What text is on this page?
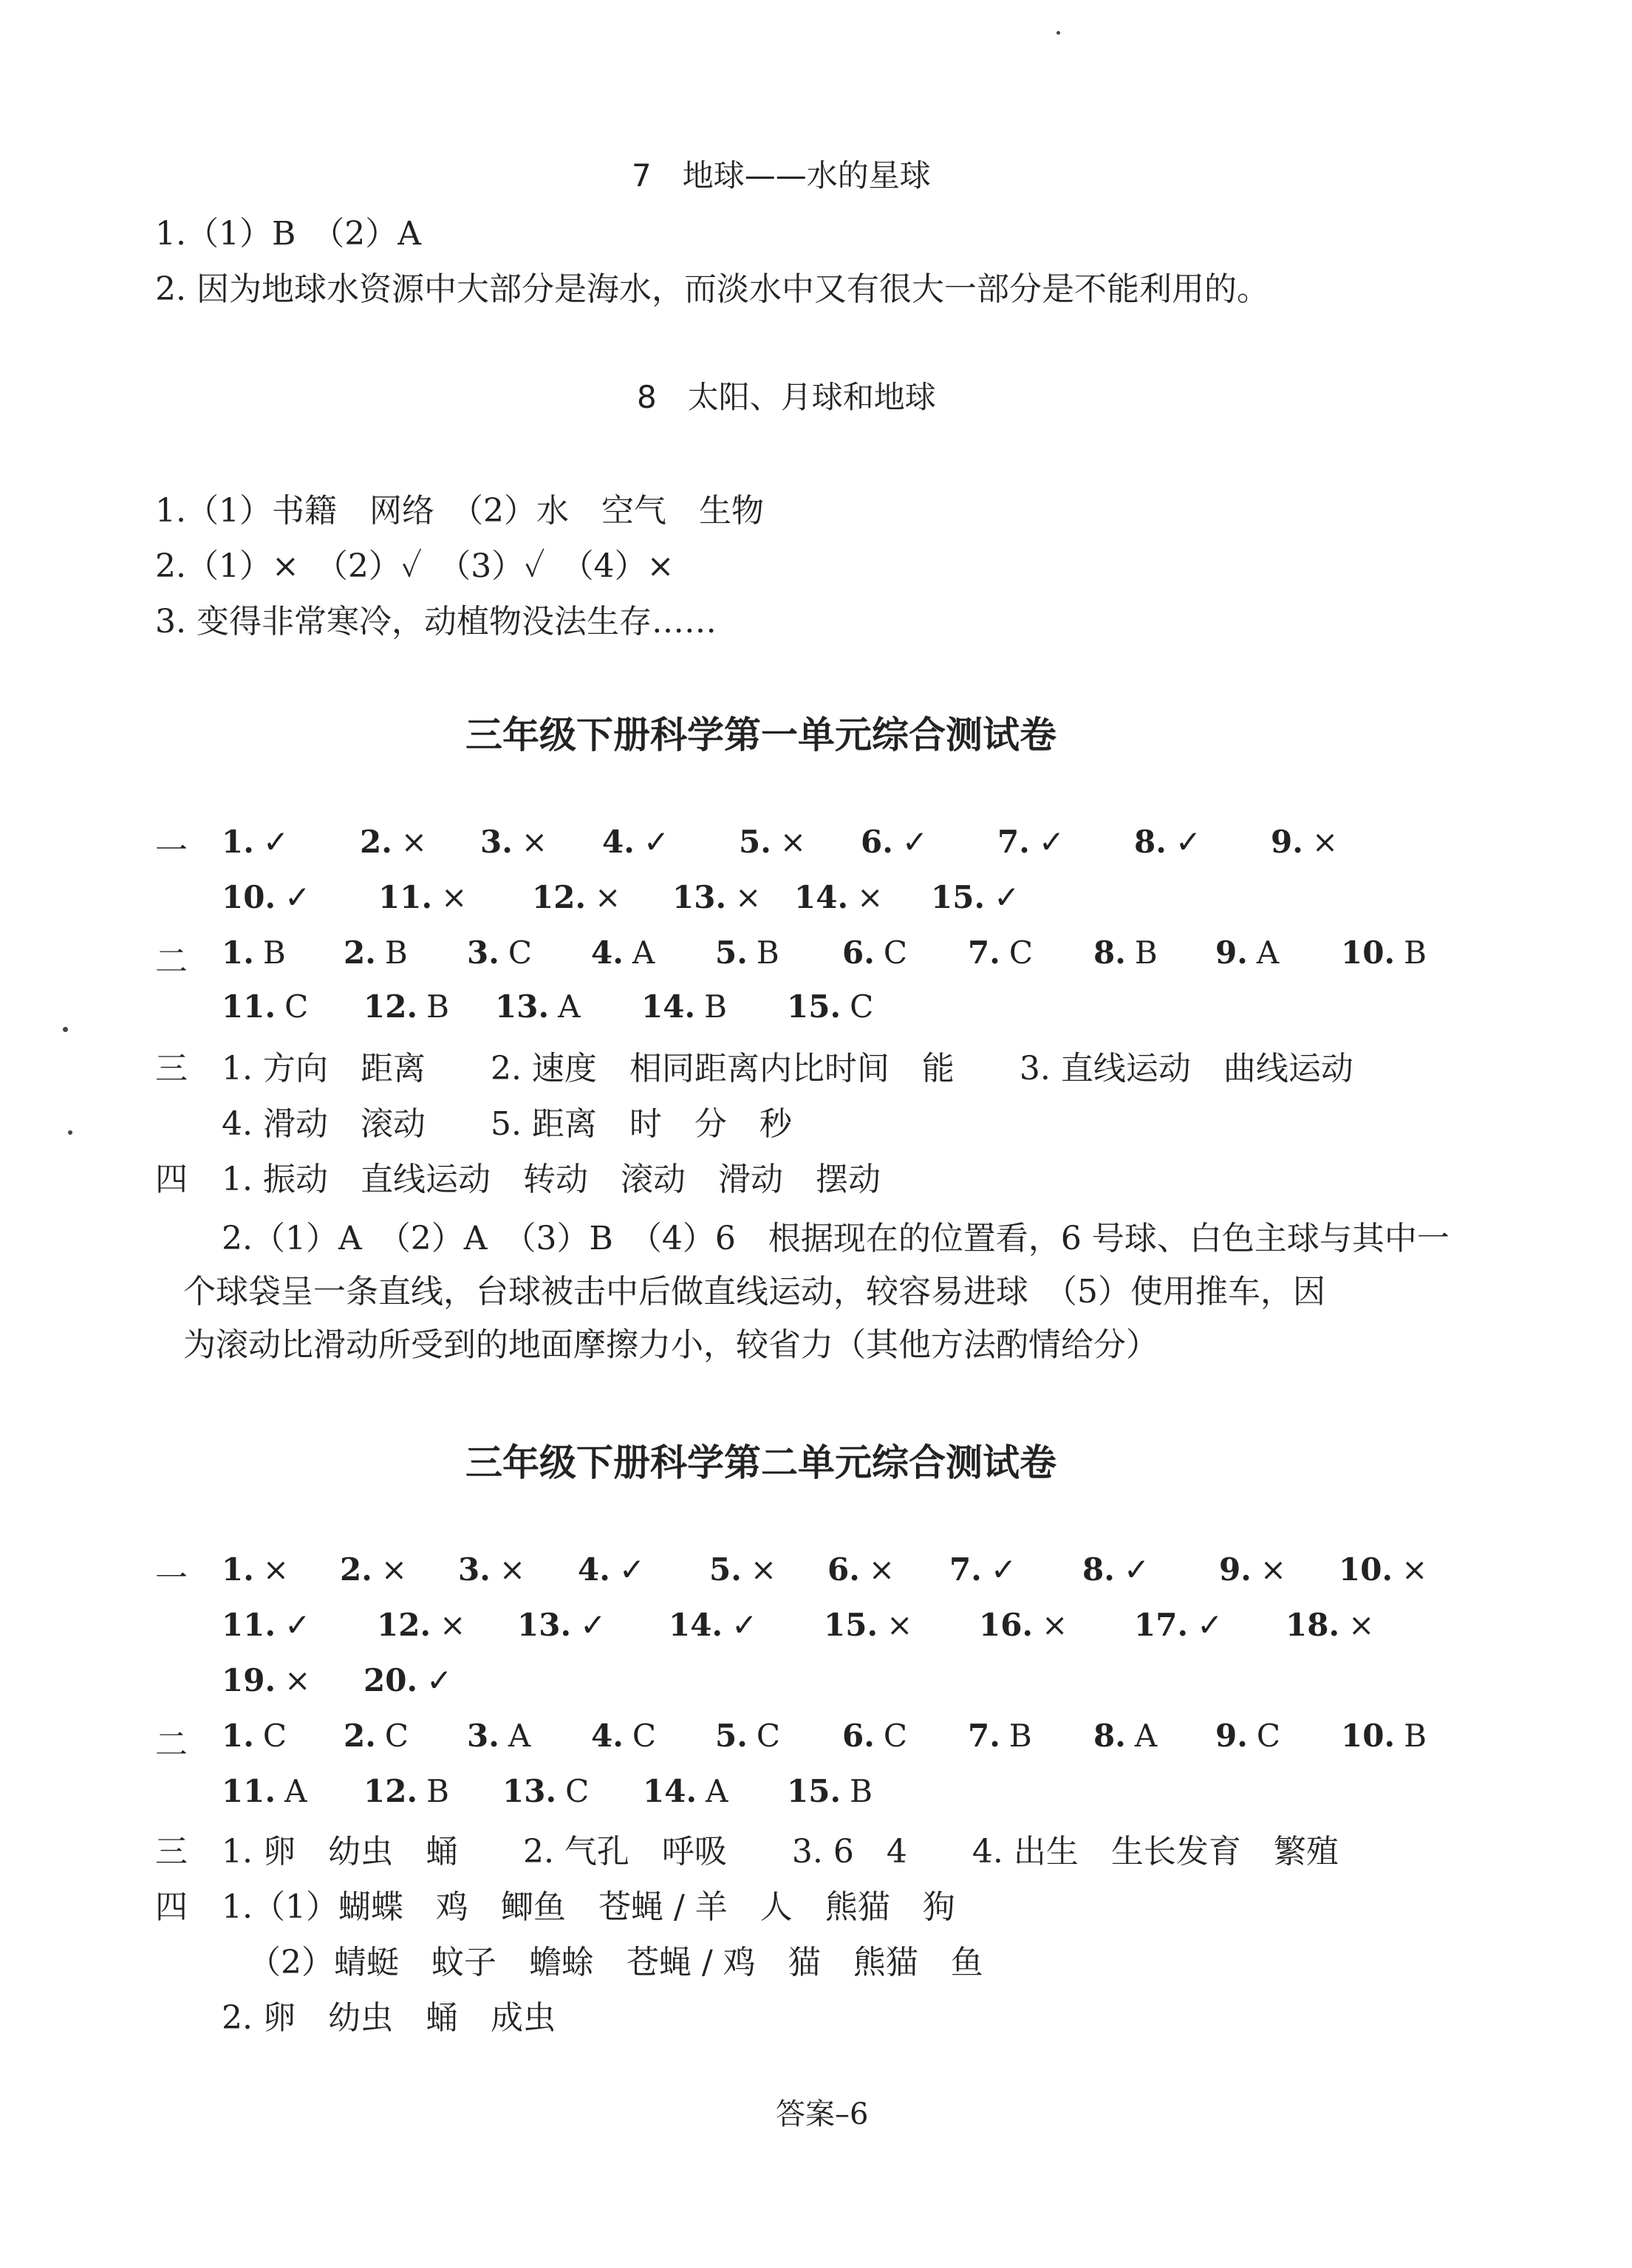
7　地球——水的星球
1.（1）B　（2）A
2. 因为地球水资源中大部分是海水，而淡水中又有很大一部分是不能利用的。
8　太阳、月球和地球
1.（1）书籍　网络　（2）水　空气　生物
2.（1）×　（2）✓　（3）✓　（4）×
3. 变得非常寒冷，动植物没法生存……
三年级下册科学第一单元综合测试卷
一 1. ✓ 2. × 3. × 4. ✓ 5. × 6. ✓ 7. ✓ 8. ✓ 9. ×
10. ✓ 11. × 12. × 13. × 14. × 15. ✓
二 1. B 2. B 3. C 4. A 5. B 6. C 7. C 8. B 9. A 10. B
11. C 12. B 13. A 14. B 15. C
三 1. 方向　距离　　2. 速度　相同距离内比时间　能　　3. 直线运动　曲线运动
4. 滑动　滚动　　5. 距离　时　分　秒
四 1. 振动　直线运动　转动　滚动　滑动　摆动
2.（1）A　（2）A　（3）B　（4）6　根据现在的位置看，6 号球、白色主球与其中一
个球袋呈一条直线，台球被击中后做直线运动，较容易进球　（5）使用推车，因
为滚动比滑动所受到的地面摩擦力小，较省力（其他方法酌情给分）
三年级下册科学第二单元综合测试卷
一 1. × 2. × 3. × 4. ✓ 5. × 6. × 7. ✓ 8. ✓ 9. × 10. ×
11. ✓ 12. × 13. ✓ 14. ✓ 15. × 16. × 17. ✓ 18. ×
19. × 20. ✓
二 1. C 2. C 3. A 4. C 5. C 6. C 7. B 8. A 9. C 10. B
11. A 12. B 13. C 14. A 15. B
三 1. 卵　幼虫　蛹　　2. 气孔　呼吸　　3. 6　4　　4. 出生　生长发育　繁殖
四 1.（1）蝴蝶　鸡　鲫鱼　苍蝇 / 羊　人　熊猫　狗
（2）蜻蜓　蚊子　蟾蜍　苍蝇 / 鸡　猫　熊猫　鱼
2. 卵　幼虫　蛹　成虫
答案–6
